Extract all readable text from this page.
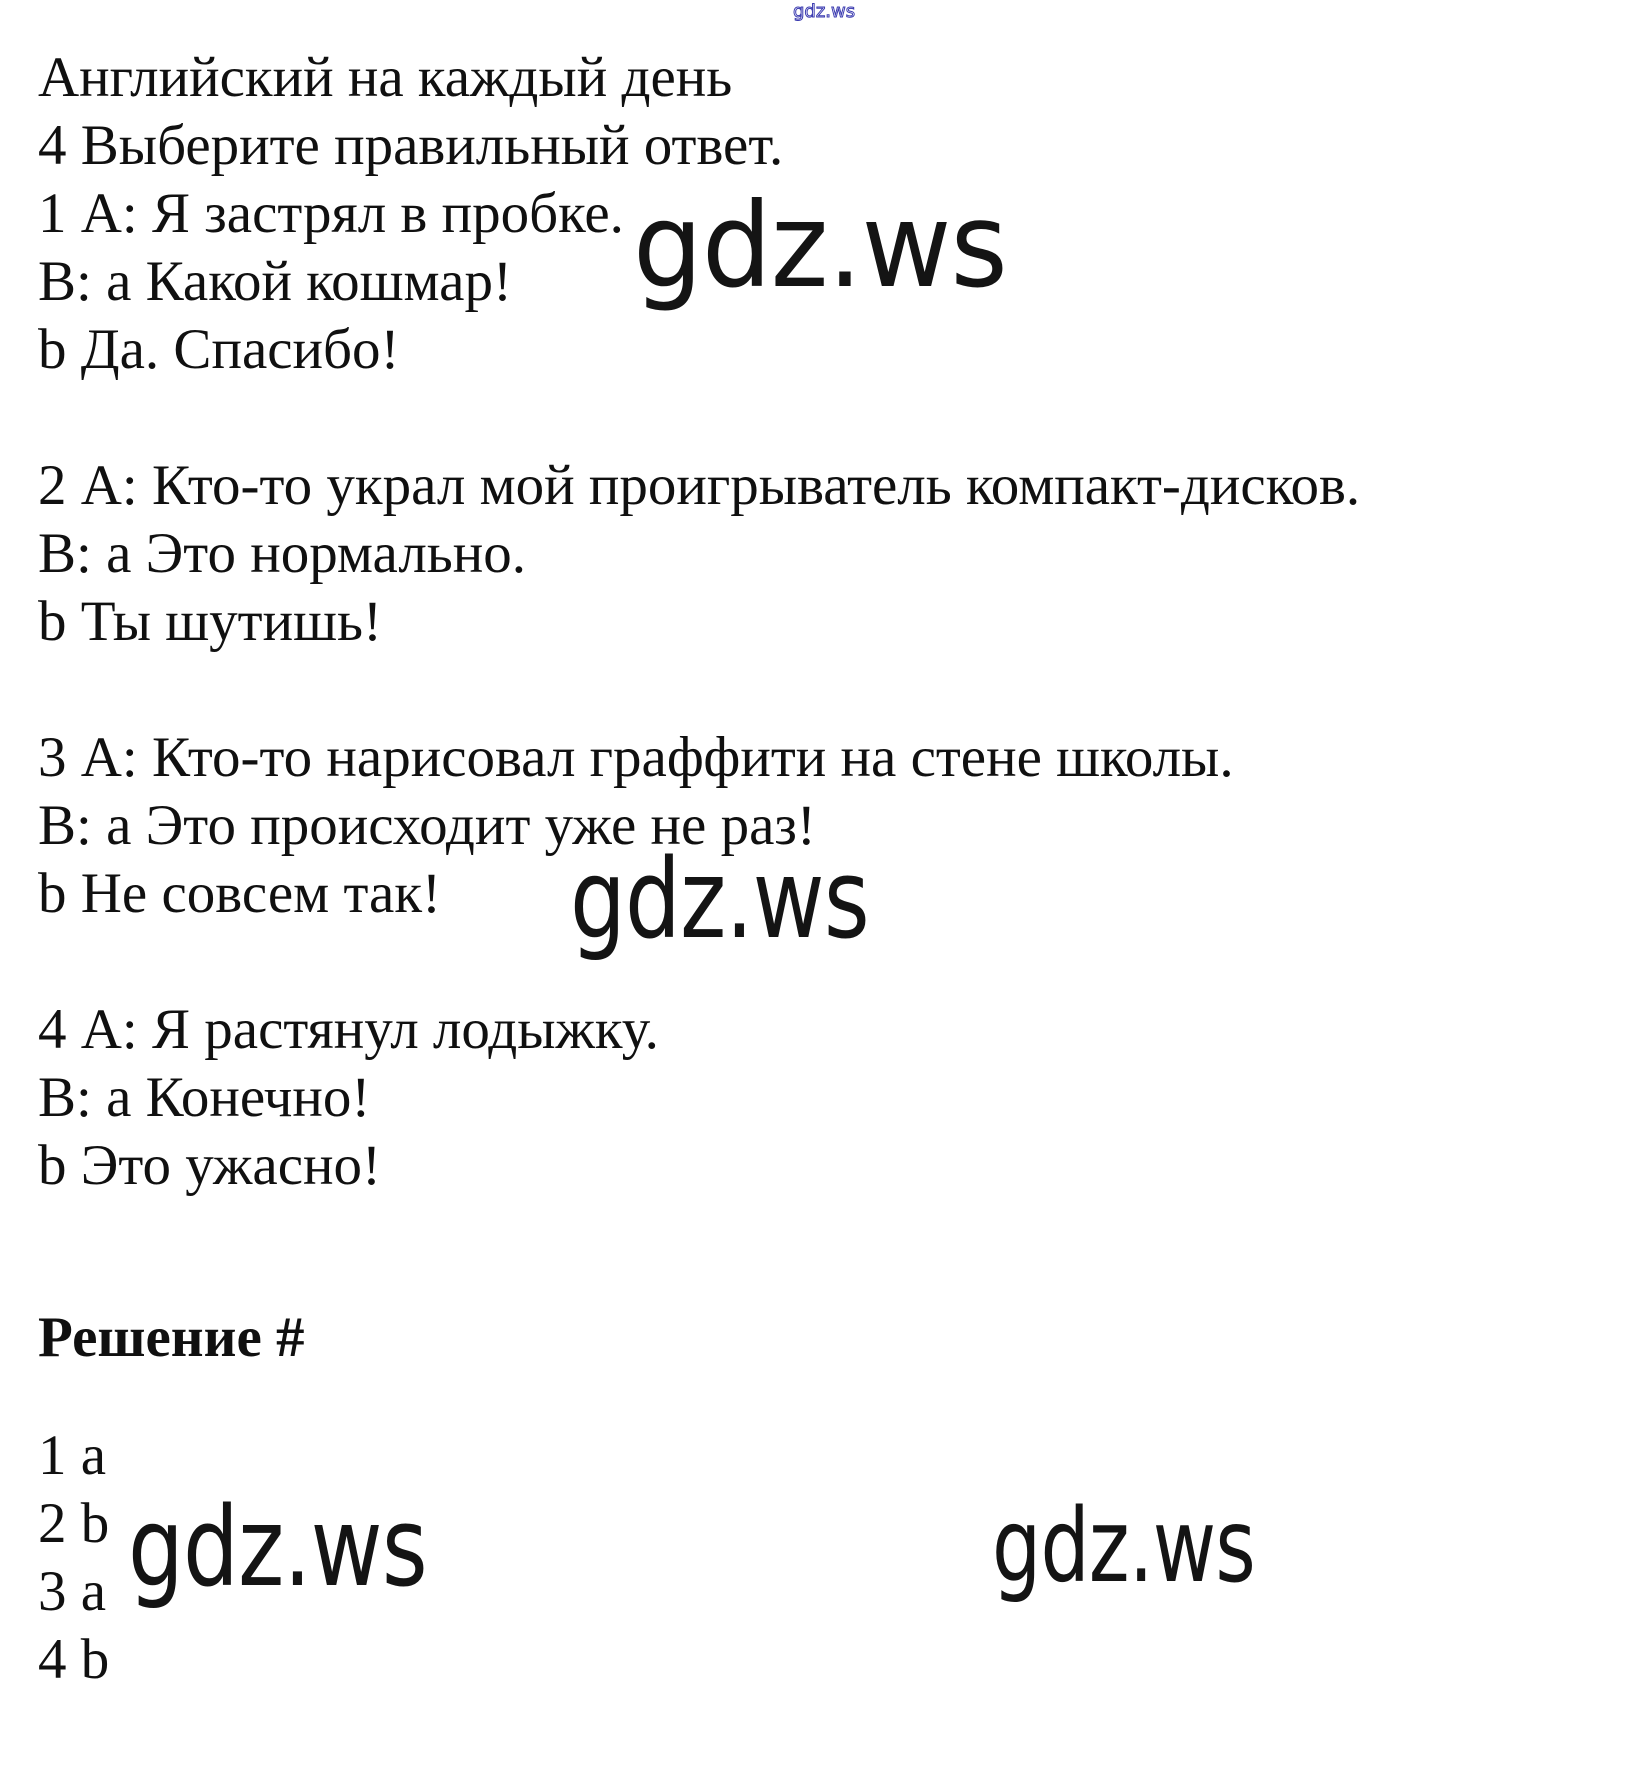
gdz.ws
Английский на каждый день
4 Выберите правильный ответ.
1 А: Я застрял в пробке.
В: а Какой кошмар!
b Да. Спасибо!
2 А: Кто-то украл мой проигрыватель компакт-дисков.
В: а Это нормально.
b Ты шутишь!
3 А: Кто-то нарисовал граффити на стене школы.
В: а Это происходит уже не раз!
b Не совсем так!
4 А: Я растянул лодыжку.
В: а Конечно!
b Это ужасно!
Решение #
1 a
2 b
3 a
4 b
gdz.ws
gdz.ws
gdz.ws	gdz.ws
